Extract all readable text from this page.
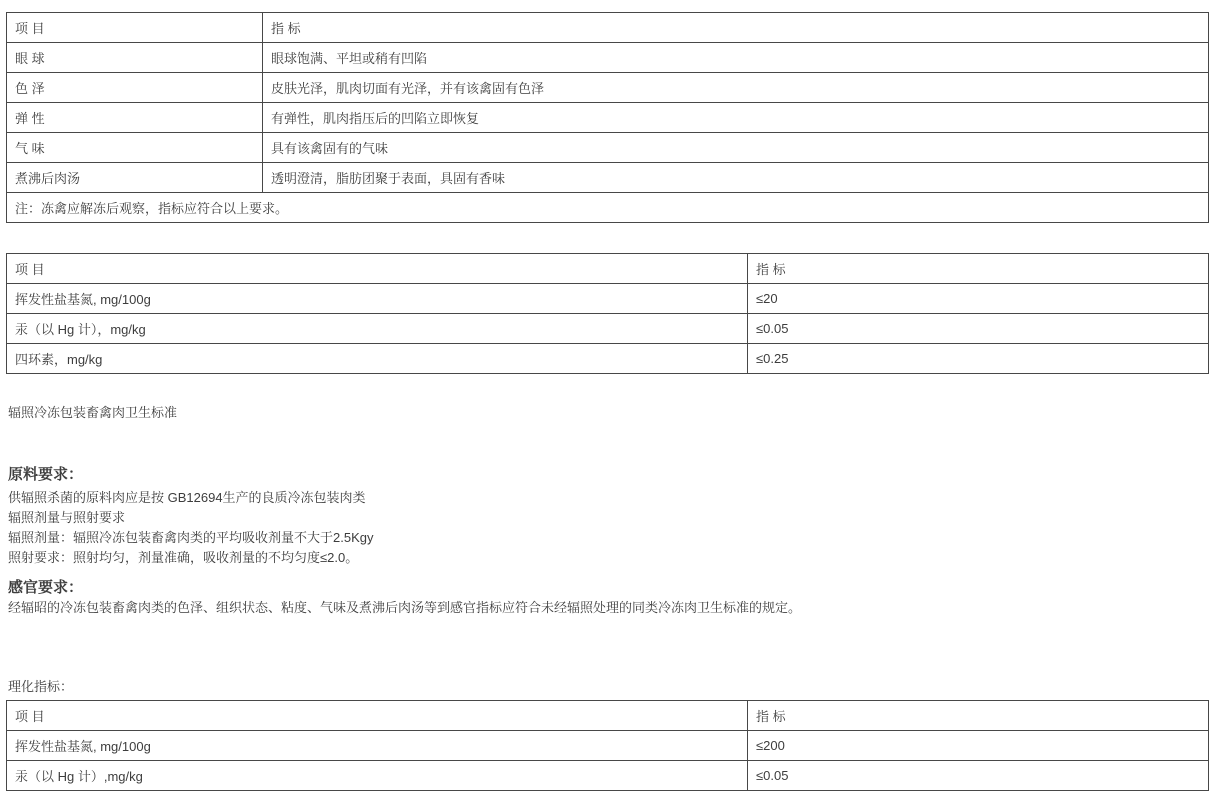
项 目	指 标
眼 球	眼球饱满、平坦或稍有凹陷
色 泽	皮肤光泽，肌肉切面有光泽，并有该禽固有色泽
弹 性	有弹性，肌肉指压后的凹陷立即恢复
气 味	具有该禽固有的气味
煮沸后肉汤	透明澄清，脂肪团聚于表面，具固有香味
注：冻禽应解冻后观察，指标应符合以上要求。	
项 目	指 标
挥发性盐基氮, mg/100g	≤20
汞（以 Hg 计），mg/kg	≤0.05
四环素，mg/kg	≤0.25
辐照冷冻包装畜禽肉卫生标准
原料要求：
供辐照杀菌的原料肉应是按 GB12694生产的良质冷冻包装肉类
辐照剂量与照射要求
辐照剂量：辐照冷冻包装畜禽肉类的平均吸收剂量不大于2.5Kgy
照射要求：照射均匀，剂量准确，吸收剂量的不均匀度≤2.0。
感官要求：
经辐昭的冷冻包装畜禽肉类的色泽、组织状态、粘度、气味及煮沸后肉汤等到感官指标应符合未经辐照处理的同类冷冻肉卫生标准的规定。
理化指标：
项 目	指 标
挥发性盐基氮, mg/100g	≤200
汞（以 Hg 计）,mg/kg	≤0.05
